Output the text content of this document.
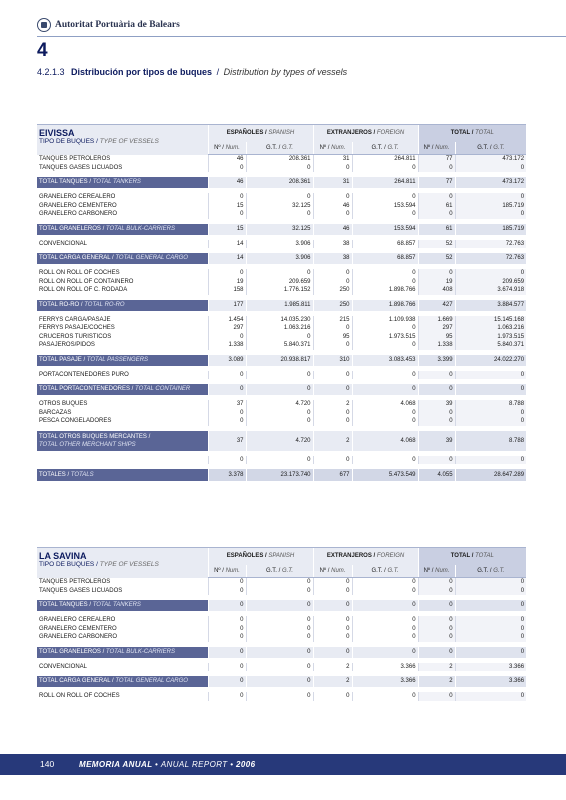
Autoritat Portuària de Balears
4
4.2.1.3 Distribución por tipos de buques / Distribution by types of vessels
EIVISSA
TIPO DE BUQUES / TYPE OF VESSELS	ESPAÑOLES / SPANISH		EXTRANJEROS / FOREIGN		TOTAL / TOTAL	
	Nº / Num.	G.T. / G.T.	Nº / Num.	G.T. / G.T.	Nº / Num.	G.T. / G.T.
TANQUES PETROLEROS	46	208.361	31	264.811	77	473.172
TANQUES GASES LICUADOS	0	0	0	0	0	0

TOTAL TANQUES / TOTAL TANKERS	46	208.361	31	264.811	77	473.172

GRANELERO CEREALERO	0	0	0	0	0	0
GRANELERO CEMENTERO	15	32.125	46	153.594	61	185.719
GRANELERO CARBONERO	0	0	0	0	0	0

TOTAL GRANELEROS / TOTAL BULK-CARRIERS	15	32.125	46	153.594	61	185.719

CONVENCIONAL	14	3.906	38	68.857	52	72.763

TOTAL CARGA GENERAL / TOTAL GENERAL CARGO	14	3.906	38	68.857	52	72.763

ROLL ON ROLL OF COCHES	0	0	0	0	0	0
ROLL ON ROLL OF CONTAINERO	19	209.659	0	0	19	209.659
ROLL ON ROLL OF C. RODADA	158	1.776.152	250	1.898.766	408	3.674.918

TOTAL RO-RO / TOTAL RO-RO	177	1.985.811	250	1.898.766	427	3.884.577

FERRYS CARGA/PASAJE	1.454	14.035.230	215	1.109.938	1.669	15.145.168
FERRYS PASAJE/COCHES	297	1.063.216	0	0	297	1.063.216
CRUCEROS TURISTICOS	0	0	95	1.973.515	95	1.973.515
PASAJEROS/PIDOS	1.338	5.840.371	0	0	1.338	5.840.371

TOTAL PASAJE / TOTAL PASSENGERS	3.089	20.938.817	310	3.083.453	3.399	24.022.270

PORTACONTENEDORES PURO	0	0	0	0	0	0

TOTAL PORTACONTENEDORES / TOTAL CONTAINER	0	0	0	0	0	0

OTROS BUQUES	37	4.720	2	4.068	39	8.788
BARCAZAS	0	0	0	0	0	0
PESCA CONGELADORES	0	0	0	0	0	0

TOTAL OTROS BUQUES MERCANTES /
TOTAL OTHER MERCHANT SHIPS	37	4.720	2	4.068	39	8.788

	0	0	0	0	0	0

TOTALES / TOTALS	3.378	23.173.740	677	5.473.549	4.055	28.647.289
LA SAVINA
TIPO DE BUQUES / TYPE OF VESSELS	ESPAÑOLES / SPANISH		EXTRANJEROS / FOREIGN		TOTAL / TOTAL	
	Nº / Num.	G.T. / G.T.	Nº / Num.	G.T. / G.T.	Nº / Num.	G.T. / G.T.
TANQUES PETROLEROS	0	0	0	0	0	0
TANQUES GASES LICUADOS	0	0	0	0	0	0

TOTAL TANQUES / TOTAL TANKERS	0	0	0	0	0	0

GRANELERO CEREALERO	0	0	0	0	0	0
GRANELERO CEMENTERO	0	0	0	0	0	0
GRANELERO CARBONERO	0	0	0	0	0	0

TOTAL GRANELEROS / TOTAL BULK-CARRIERS	0	0	0	0	0	0

CONVENCIONAL	0	0	2	3.366	2	3.366

TOTAL CARGA GENERAL / TOTAL GENERAL CARGO	0	0	2	3.366	2	3.366

ROLL ON ROLL OF COCHES	0	0	0	0	0	0
140	MEMORIA ANUAL • ANUAL REPORT • 2006
